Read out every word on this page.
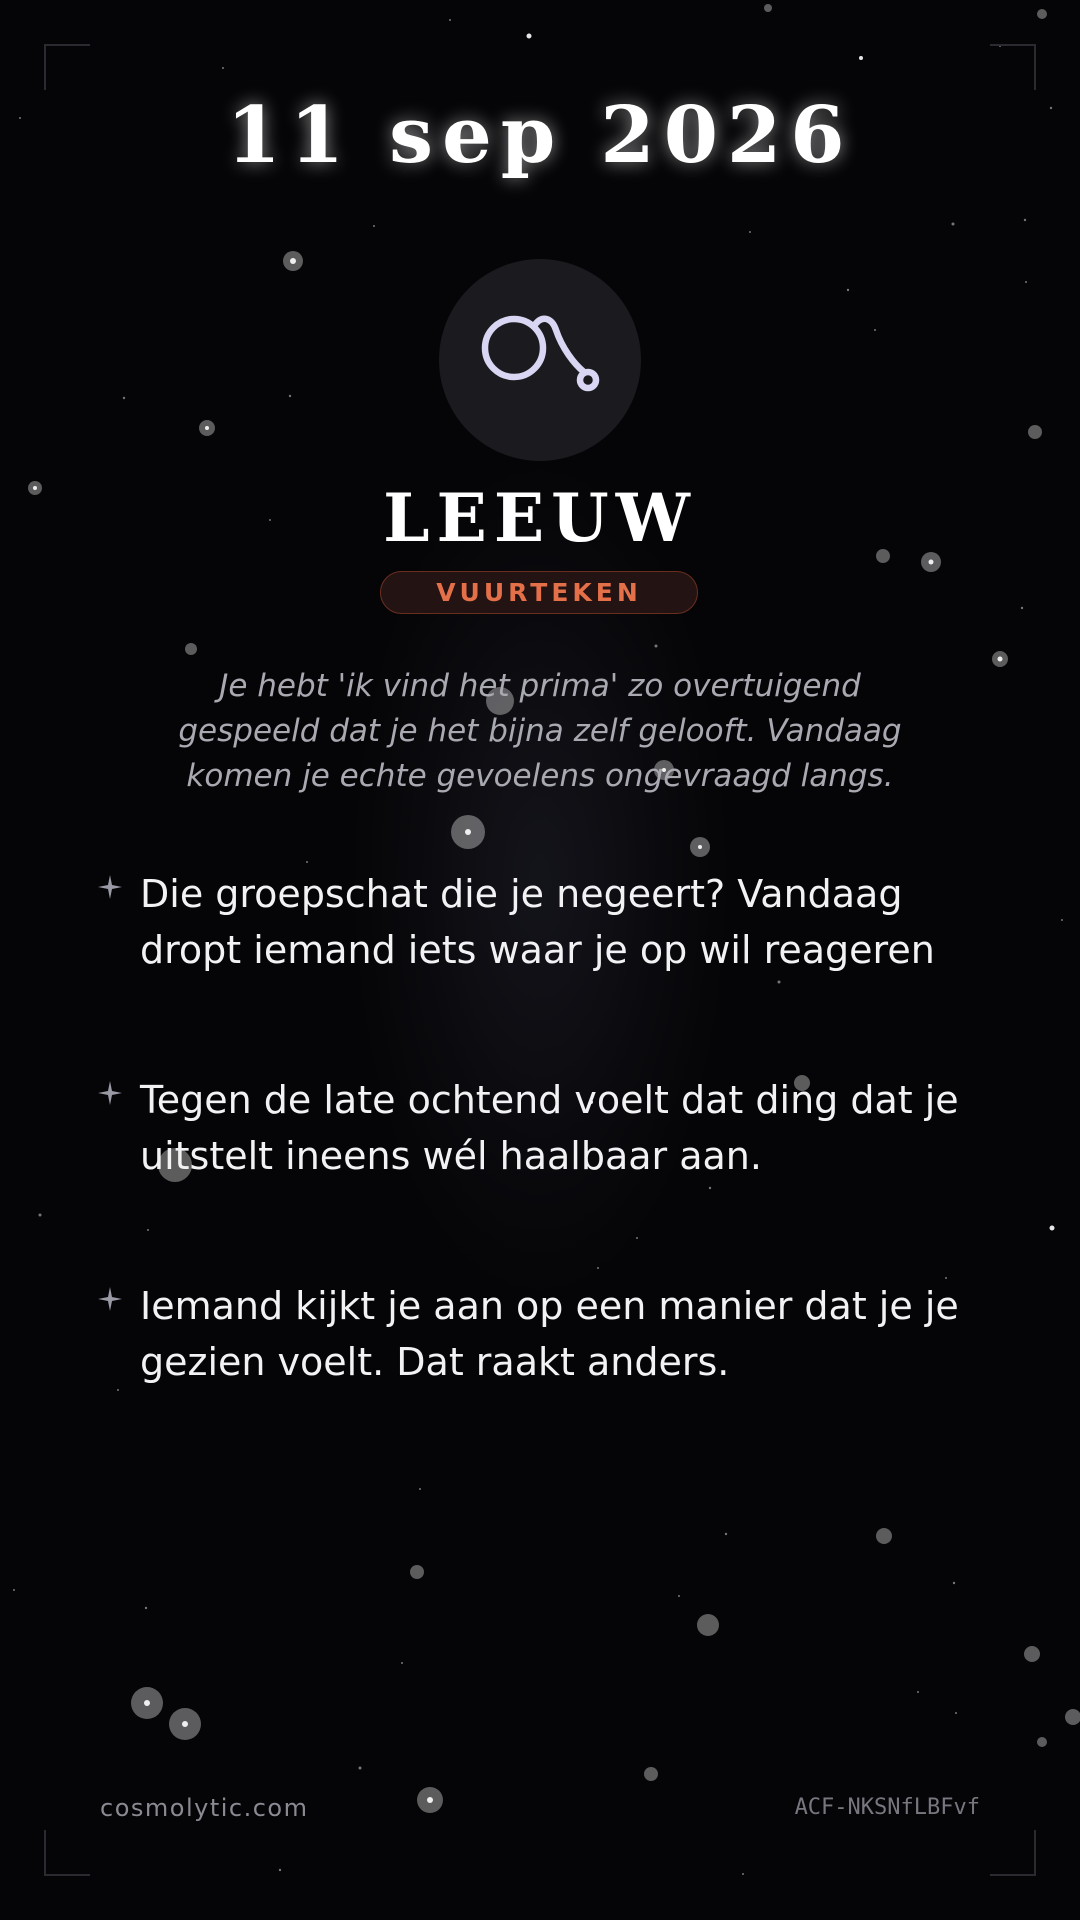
11 sep 2026
LEEUW
VUURTEKEN
Je hebt 'ik vind het prima' zo overtuigend gespeeld dat je het bijna zelf gelooft. Vandaag komen je echte gevoelens ongevraagd langs.
Die groepschat die je negeert? Vandaag dropt iemand iets waar je op wil reageren
Tegen de late ochtend voelt dat ding dat je uitstelt ineens wél haalbaar aan.
Iemand kijkt je aan op een manier dat je je gezien voelt. Dat raakt anders.
cosmolytic.com	ACF-NKSNfLBFvf
